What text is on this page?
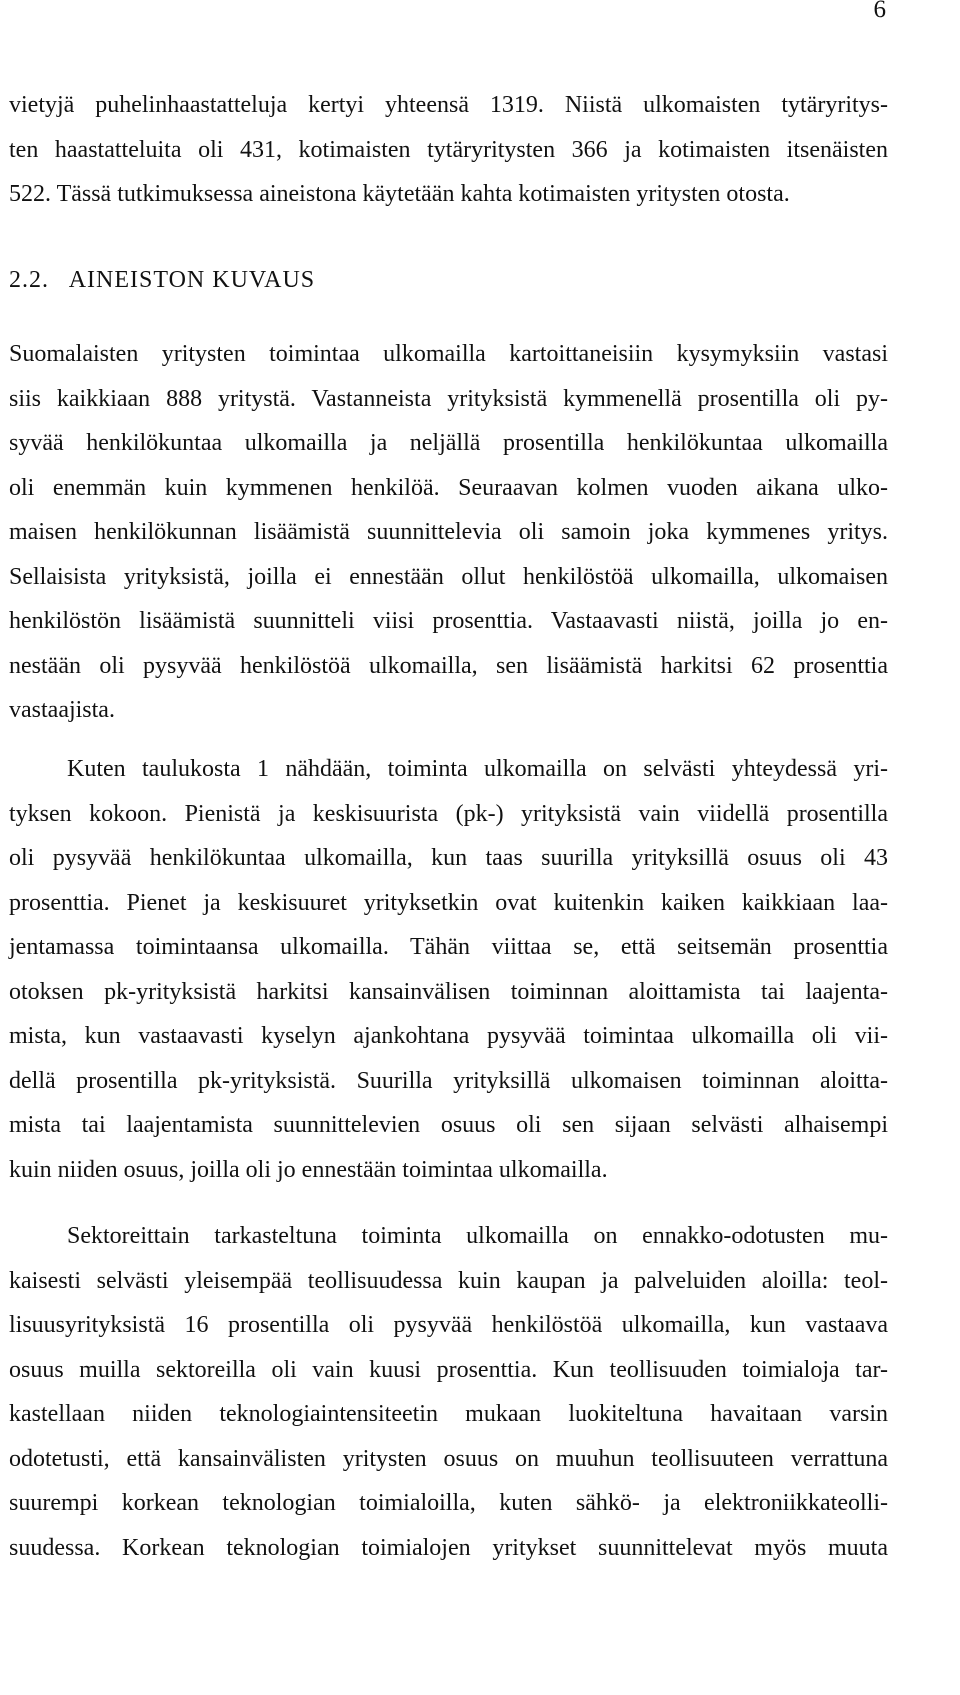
6
vietyjä puhelinhaastatteluja kertyi yhteensä 1319. Niistä ulkomaisten tytäryritys-
ten haastatteluita oli 431, kotimaisten tytäryritysten 366 ja kotimaisten itsenäisten
522. Tässä tutkimuksessa aineistona käytetään kahta kotimaisten yritysten otosta.
2.2. AINEISTON KUVAUS
Suomalaisten yritysten toimintaa ulkomailla kartoittaneisiin kysymyksiin vastasi
siis kaikkiaan 888 yritystä. Vastanneista yrityksistä kymmenellä prosentilla oli py-
syvää henkilökuntaa ulkomailla ja neljällä prosentilla henkilökuntaa ulkomailla
oli enemmän kuin kymmenen henkilöä. Seuraavan kolmen vuoden aikana ulko-
maisen henkilökunnan lisäämistä suunnittelevia oli samoin joka kymmenes yritys.
Sellaisista yrityksistä, joilla ei ennestään ollut henkilöstöä ulkomailla, ulkomaisen
henkilöstön lisäämistä suunnitteli viisi prosenttia. Vastaavasti niistä, joilla jo en-
nestään oli pysyvää henkilöstöä ulkomailla, sen lisäämistä harkitsi 62 prosenttia
vastaajista.
Kuten taulukosta 1 nähdään, toiminta ulkomailla on selvästi yhteydessä yri-
tyksen kokoon. Pienistä ja keskisuurista (pk-) yrityksistä vain viidellä prosentilla
oli pysyvää henkilökuntaa ulkomailla, kun taas suurilla yrityksillä osuus oli 43
prosenttia. Pienet ja keskisuuret yrityksetkin ovat kuitenkin kaiken kaikkiaan laa-
jentamassa toimintaansa ulkomailla. Tähän viittaa se, että seitsemän prosenttia
otoksen pk-yrityksistä harkitsi kansainvälisen toiminnan aloittamista tai laajenta-
mista, kun vastaavasti kyselyn ajankohtana pysyvää toimintaa ulkomailla oli vii-
dellä prosentilla pk-yrityksistä. Suurilla yrityksillä ulkomaisen toiminnan aloitta-
mista tai laajentamista suunnittelevien osuus oli sen sijaan selvästi alhaisempi
kuin niiden osuus, joilla oli jo ennestään toimintaa ulkomailla.
Sektoreittain tarkasteltuna toiminta ulkomailla on ennakko-odotusten mu-
kaisesti selvästi yleisempää teollisuudessa kuin kaupan ja palveluiden aloilla: teol-
lisuusyrityksistä 16 prosentilla oli pysyvää henkilöstöä ulkomailla, kun vastaava
osuus muilla sektoreilla oli vain kuusi prosenttia. Kun teollisuuden toimialoja tar-
kastellaan niiden teknologiaintensiteetin mukaan luokiteltuna havaitaan varsin
odotetusti, että kansainvälisten yritysten osuus on muuhun teollisuuteen verrattuna
suurempi korkean teknologian toimialoilla, kuten sähkö- ja elektroniikkateolli-
suudessa. Korkean teknologian toimialojen yritykset suunnittelevat myös muuta
